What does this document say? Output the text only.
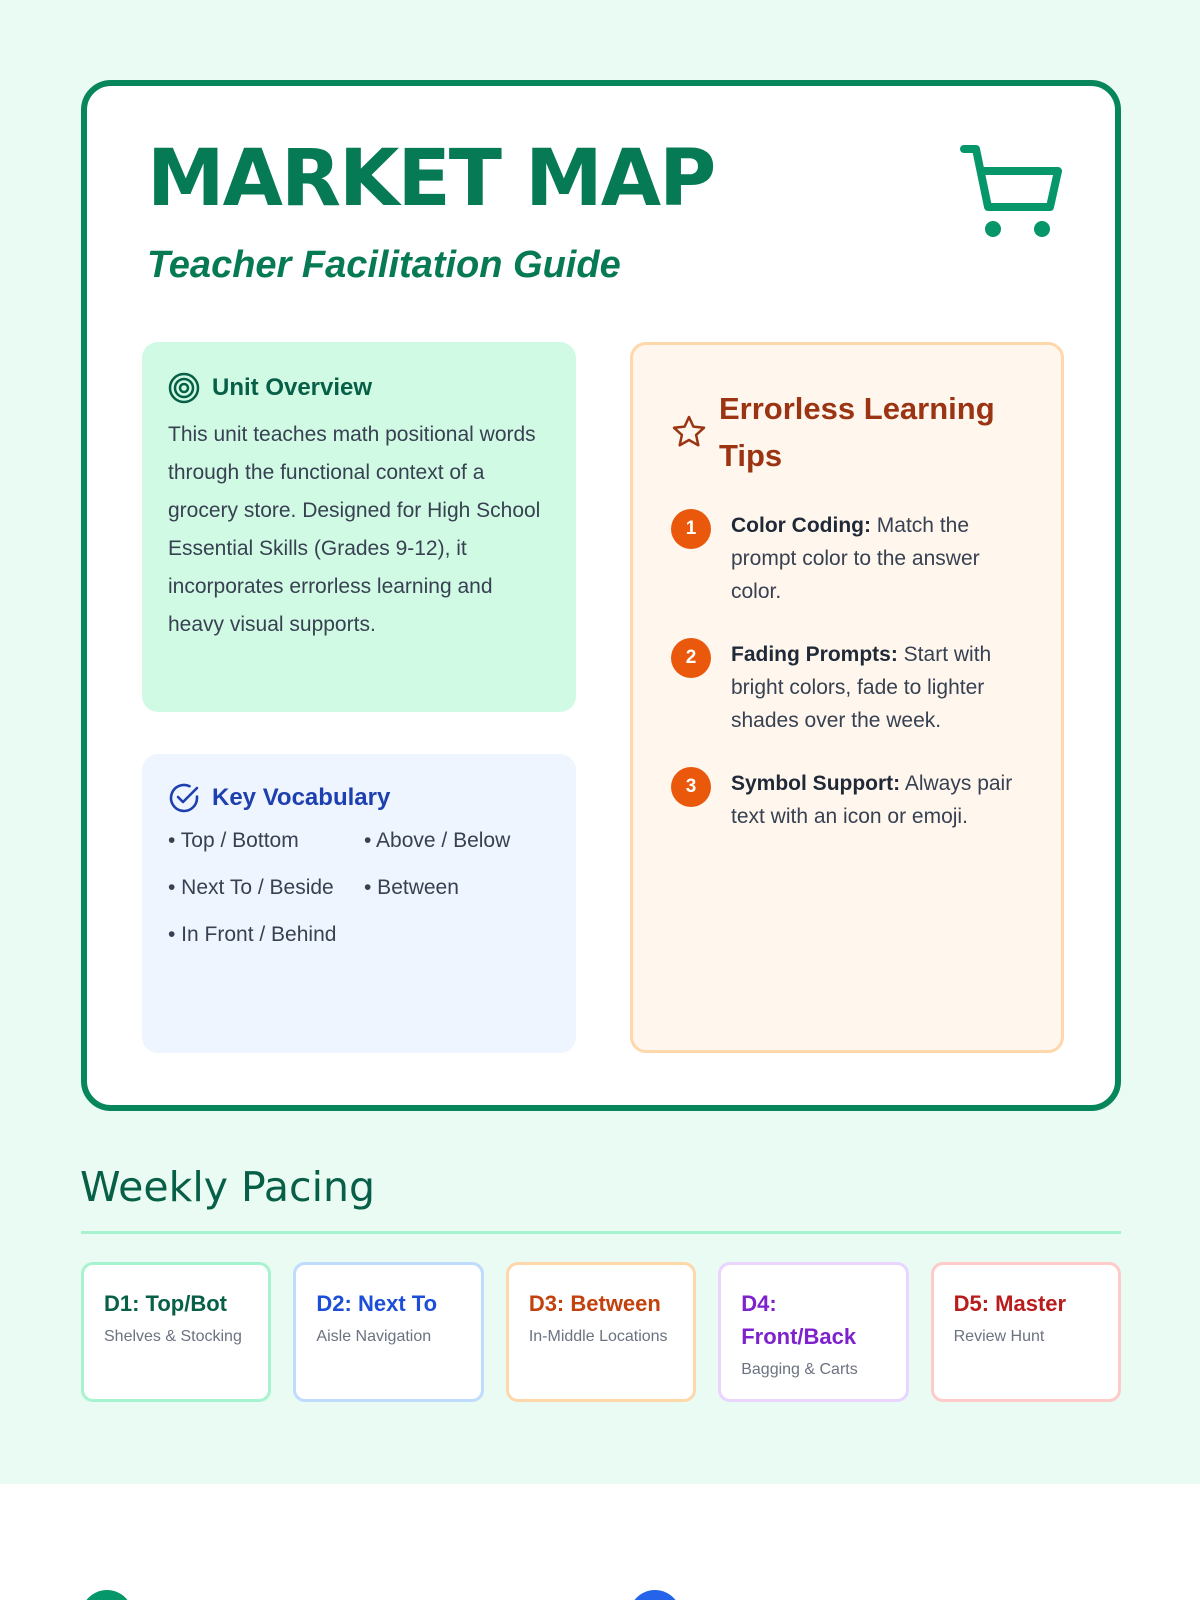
MARKET MAP
Teacher Facilitation Guide
Unit Overview

This unit teaches math positional words through the functional context of a grocery store. Designed for High School Essential Skills (Grades 9-12), it incorporates errorless learning and heavy visual supports.

Key Vocabulary
• Top / Bottom	• Above / Below
• Next To / Beside	• Between
• In Front / Behind
Errorless Learning Tips
1	Color Coding: Match the prompt color to the answer color.
2	Fading Prompts: Start with bright colors, fade to lighter shades over the week.
3	Symbol Support: Always pair text with an icon or emoji.
Weekly Pacing
D1: Top/Bot
Shelves & Stocking
D2: Next To
Aisle Navigation
D3: Between
In-Middle Locations
D4: Front/Back
Bagging & Carts
D5: Master
Review Hunt
